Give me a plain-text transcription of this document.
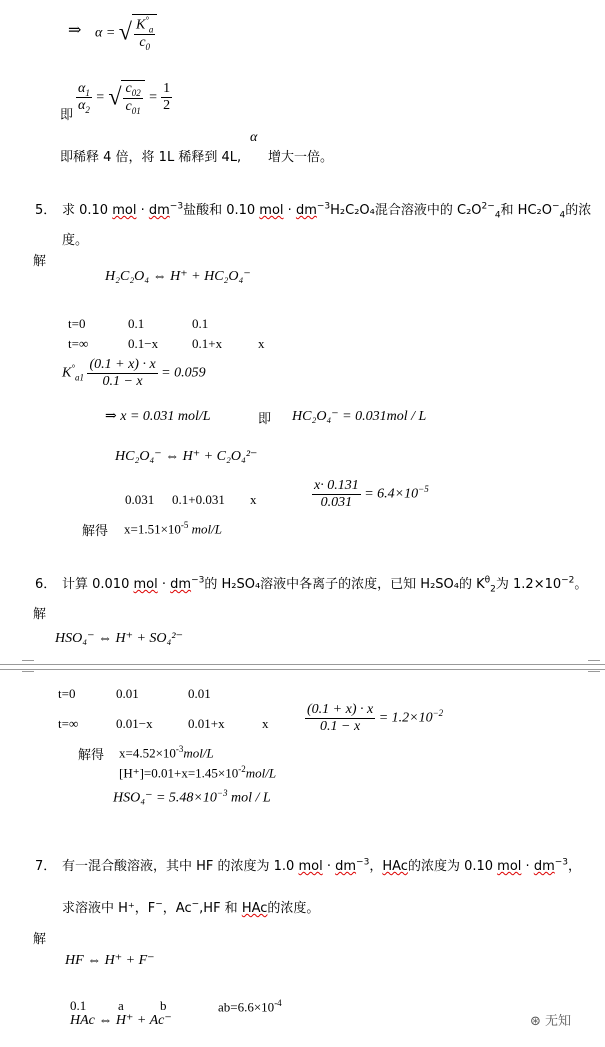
⇒ α = √ $\frac{K^\circ_a}{c_0}$
即
$\frac{\alpha_1}{\alpha_2}$ = √ $\frac{c_{02}}{c_{01}} = \frac{1}{2}$
即稀释 4 倍，将 1L 稀释到 4L,
α
增大一倍。
5． 求 0.10 mol · $dm^{-3}$盐酸和 0.10 mol · $dm^{-3}H_2C_2O_4$混合溶液中的 $C_2O^{2-}_4$和 $HC_2O^-_4$的浓
度。
解
H₂C₂O₄ ⇔ H⁺ + HC₂O₄⁻
t=0	0.1	0.1
t=∞	0.1−x	0.1+x	x
$K^\circ_{a1} \frac{(0.1 + x) \cdot x}{0.1 - x} = 0.059$
⇒ x = 0.031 mol/L	即 HC₂O₄⁻ = 0.031mol / L
HC₂O₄⁻ ⇔ H⁺ + C₂O₄²⁻
0.031 0.1+0.031 x	$\frac{x\cdot 0.131}{0.031} = 6.4\times 10^{-5}$
解得 $x=1.51\times 10^{-5}$ mol/L
6． 计算 0.010 mol · $dm^{-3}$的 H₂SO₄溶液中各离子的浓度，已知 H₂SO₄的 $K^\theta_2$为 $1.2\times 10^{-2}$。
解
HSO₄⁻ ⇔ H⁺ + SO₄²⁻
t=0	0.01	0.01
t=∞	0.01−x	0.01+x	x	$\frac{(0.1 + x) \cdot x}{0.1 - x} = 1.2\times 10^{-2}$
解得 $x=4.52\times 10^{-3}mol/L$
$[H^+]=0.01+x=1.45\times 10^{-2}mol/L$
$HSO_4^- = 5.48\times 10^{-3}$ mol / L
7． 有一混合酸溶液，其中 HF 的浓度为 1.0 mol · $dm^{-3}$，HAc的浓度为 0.10 mol · $dm^{-3}$，
求溶液中 H⁺，F−，Ac−,HF 和 HAc的浓度。
解
HF ⇔ H⁺ + F⁻
0.1 a	b	$ab=6.6\times 10^{-4}$
HAc ⇔ H⁺ + Ac⁻	⊛ 无知
